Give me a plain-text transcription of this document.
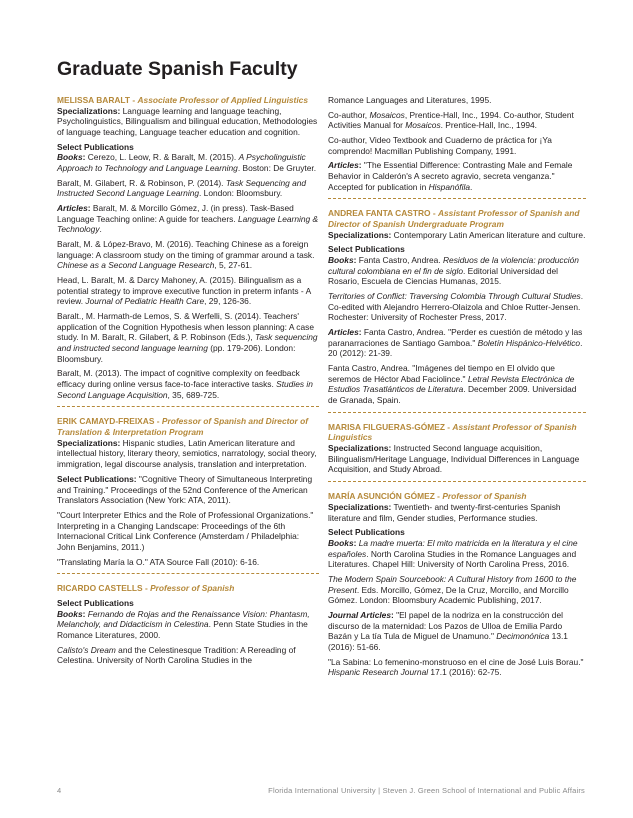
Graduate Spanish Faculty
MELISSA BARALT - Associate Professor of Applied Linguistics
Specializations: Language learning and language teaching, Psycholinguistics, Bilingualism and bilingual education, Methodologies of language teaching, Language teacher education and cognition.
Select Publications
Books: Cerezo, L. Leow, R. & Baralt, M. (2015). A Psycholinguistic Approach to Technology and Language Learning. Boston: De Gruyter.
Baralt, M. Gilabert, R. & Robinson, P. (2014). Task Sequencing and Instructed Second Language Learning. London: Bloomsbury.
Articles: Baralt, M. & Morcillo Gómez, J. (in press). Task-Based Language Teaching online: A guide for teachers. Language Learning & Technology.
Baralt, M. & López-Bravo, M. (2016). Teaching Chinese as a foreign language: A classroom study on the timing of grammar around a task. Chinese as a Second Language Research, 5, 27-61.
Head, L. Baralt, M. & Darcy Mahoney, A. (2015). Bilingualism as a potential strategy to improve executive function in preterm infants - A review. Journal of Pediatric Health Care, 29, 126-36.
Baralt., M. Harmath-de Lemos, S. & Werfelli, S. (2014). Teachers' application of the Cognition Hypothesis when lesson planning: A case study. In M. Baralt, R. Gilabert, & P. Robinson (Eds.), Task sequencing and instructed second language learning (pp. 179-206). London: Bloomsbury.
Baralt, M. (2013). The impact of cognitive complexity on feedback efficacy during online versus face-to-face interactive tasks. Studies in Second Language Acquisition, 35, 689-725.
ERIK CAMAYD-FREIXAS - Professor of Spanish and Director of Translation & Interpretation Program
Specializations: Hispanic studies, Latin American literature and intellectual history, literary theory, semiotics, narratology, social theory, immigration, legal discourse analysis, translation and interpretation.
Select Publications: "Cognitive Theory of Simultaneous Interpreting and Training." Proceedings of the 52nd Conference of the American Translators Association (New York: ATA, 2011).
"Court Interpreter Ethics and the Role of Professional Organizations." Interpreting in a Changing Landscape: Proceedings of the 6th Internacional Critical Link Conference (Amsterdam / Philadelphia: John Benjamins, 2011.)
"Translating María la O." ATA Source Fall (2010): 6-16.
RICARDO CASTELLS - Professor of Spanish
Select Publications
Books: Fernando de Rojas and the Renaissance Vision: Phantasm, Melancholy, and Didacticism in Celestina. Penn State Studies in the Romance Literatures, 2000.
Calisto's Dream and the Celestinesque Tradition: A Rereading of Celestina. University of North Carolina Studies in the
Romance Languages and Literatures, 1995.
Co-author, Mosaicos, Prentice-Hall, Inc., 1994. Co-author, Student Activities Manual for Mosaicos. Prentice-Hall, Inc., 1994.
Co-author, Video Textbook and Cuaderno de práctica for ¡Ya comprendo! Macmillan Publishing Company, 1991.
Articles: "The Essential Difference: Contrasting Male and Female Behavior in Calderón's A secreto agravio, secreta venganza." Accepted for publication in Hispanófila.
ANDREA FANTA CASTRO - Assistant Professor of Spanish and Director of Spanish Undergraduate Program
Specializations: Contemporary Latin American literature and culture.
Select Publications
Books: Fanta Castro, Andrea. Residuos de la violencia: producción cultural colombiana en el fin de siglo. Editorial Universidad del Rosario, Escuela de Ciencias Humanas, 2015.
Territories of Conflict: Traversing Colombia Through Cultural Studies. Co-edited with Alejandro Herrero-Olaizola and Chloe Rutter-Jensen. Rochester: University of Rochester Press, 2017.
Articles: Fanta Castro, Andrea. "Perder es cuestión de método y las paranarraciones de Santiago Gamboa." Boletín Hispánico-Helvético. 20 (2012): 21-39.
Fanta Castro, Andrea. "Imágenes del tiempo en El olvido que seremos de Héctor Abad Faciolince." Letral Revista Electrónica de Estudios Trasatlánticos de Literatura. December 2009. Universidad de Granada, Spain.
MARISA FILGUERAS-GÓMEZ - Assistant Professor of Spanish Linguistics
Specializations: Instructed Second language acquisition, Bilingualism/Heritage Language, Individual Differences in Language Acquisition, and Study Abroad.
MARÍA ASUNCIÓN GÓMEZ - Professor of Spanish
Specializations: Twentieth- and twenty-first-centuries Spanish literature and film, Gender studies, Performance studies.
Select Publications
Books: La madre muerta: El mito matricida en la literatura y el cine españoles. North Carolina Studies in the Romance Languages and Literatures. Chapel Hill: University of North Carolina Press, 2016.
The Modern Spain Sourcebook: A Cultural History from 1600 to the Present. Eds. Morcillo, Gómez, De la Cruz, Morcillo, and Morcillo Gómez. London: Bloomsbury Academic Publishing, 2017.
Journal Articles: "El papel de la nodriza en la construcción del discurso de la maternidad: Los Pazos de Ulloa de Emilia Pardo Bazán y La tía Tula de Miguel de Unamuno." Decimonónica 13.1 (2016): 51-66.
"La Sabina: Lo femenino-monstruoso en el cine de José Luis Borau." Hispanic Research Journal 17.1 (2016): 62-75.
4	Florida International University | Steven J. Green School of International and Public Affairs
